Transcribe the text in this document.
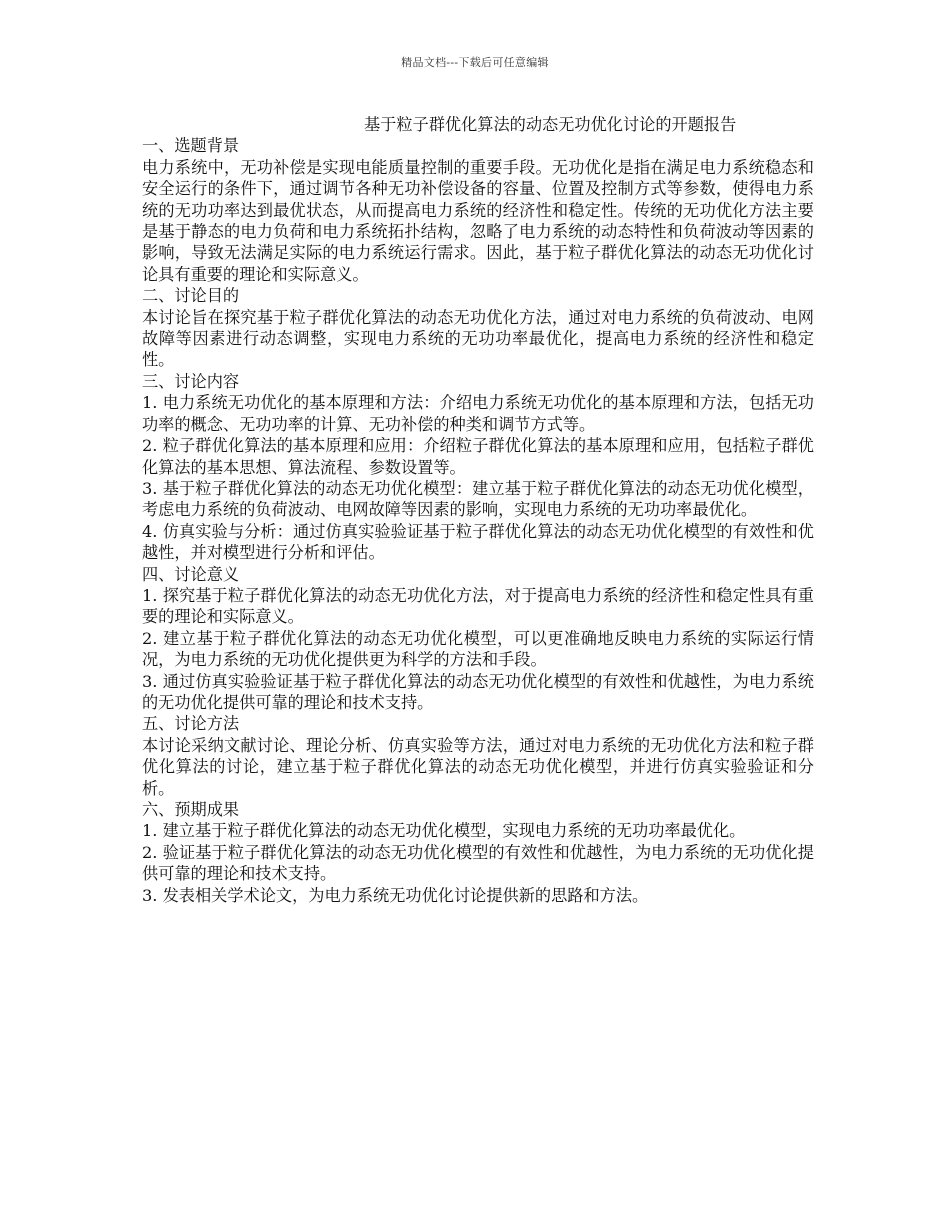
精品文档---下载后可任意编辑
基于粒子群优化算法的动态无功优化讨论的开题报告
一、选题背景
电力系统中，无功补偿是实现电能质量控制的重要手段。无功优化是指在满足电力系统稳态和安全运行的条件下，通过调节各种无功补偿设备的容量、位置及控制方式等参数，使得电力系统的无功功率达到最优状态，从而提高电力系统的经济性和稳定性。传统的无功优化方法主要是基于静态的电力负荷和电力系统拓扑结构，忽略了电力系统的动态特性和负荷波动等因素的影响，导致无法满足实际的电力系统运行需求。因此，基于粒子群优化算法的动态无功优化讨论具有重要的理论和实际意义。
二、讨论目的
本讨论旨在探究基于粒子群优化算法的动态无功优化方法，通过对电力系统的负荷波动、电网故障等因素进行动态调整，实现电力系统的无功功率最优化，提高电力系统的经济性和稳定性。
三、讨论内容
1. 电力系统无功优化的基本原理和方法：介绍电力系统无功优化的基本原理和方法，包括无功功率的概念、无功功率的计算、无功补偿的种类和调节方式等。
2. 粒子群优化算法的基本原理和应用：介绍粒子群优化算法的基本原理和应用，包括粒子群优化算法的基本思想、算法流程、参数设置等。
3. 基于粒子群优化算法的动态无功优化模型：建立基于粒子群优化算法的动态无功优化模型，考虑电力系统的负荷波动、电网故障等因素的影响，实现电力系统的无功功率最优化。
4. 仿真实验与分析：通过仿真实验验证基于粒子群优化算法的动态无功优化模型的有效性和优越性，并对模型进行分析和评估。
四、讨论意义
1. 探究基于粒子群优化算法的动态无功优化方法，对于提高电力系统的经济性和稳定性具有重要的理论和实际意义。
2. 建立基于粒子群优化算法的动态无功优化模型，可以更准确地反映电力系统的实际运行情况，为电力系统的无功优化提供更为科学的方法和手段。
3. 通过仿真实验验证基于粒子群优化算法的动态无功优化模型的有效性和优越性，为电力系统的无功优化提供可靠的理论和技术支持。
五、讨论方法
本讨论采纳文献讨论、理论分析、仿真实验等方法，通过对电力系统的无功优化方法和粒子群优化算法的讨论，建立基于粒子群优化算法的动态无功优化模型，并进行仿真实验验证和分析。
六、预期成果
1. 建立基于粒子群优化算法的动态无功优化模型，实现电力系统的无功功率最优化。
2. 验证基于粒子群优化算法的动态无功优化模型的有效性和优越性，为电力系统的无功优化提供可靠的理论和技术支持。
3. 发表相关学术论文，为电力系统无功优化讨论提供新的思路和方法。
